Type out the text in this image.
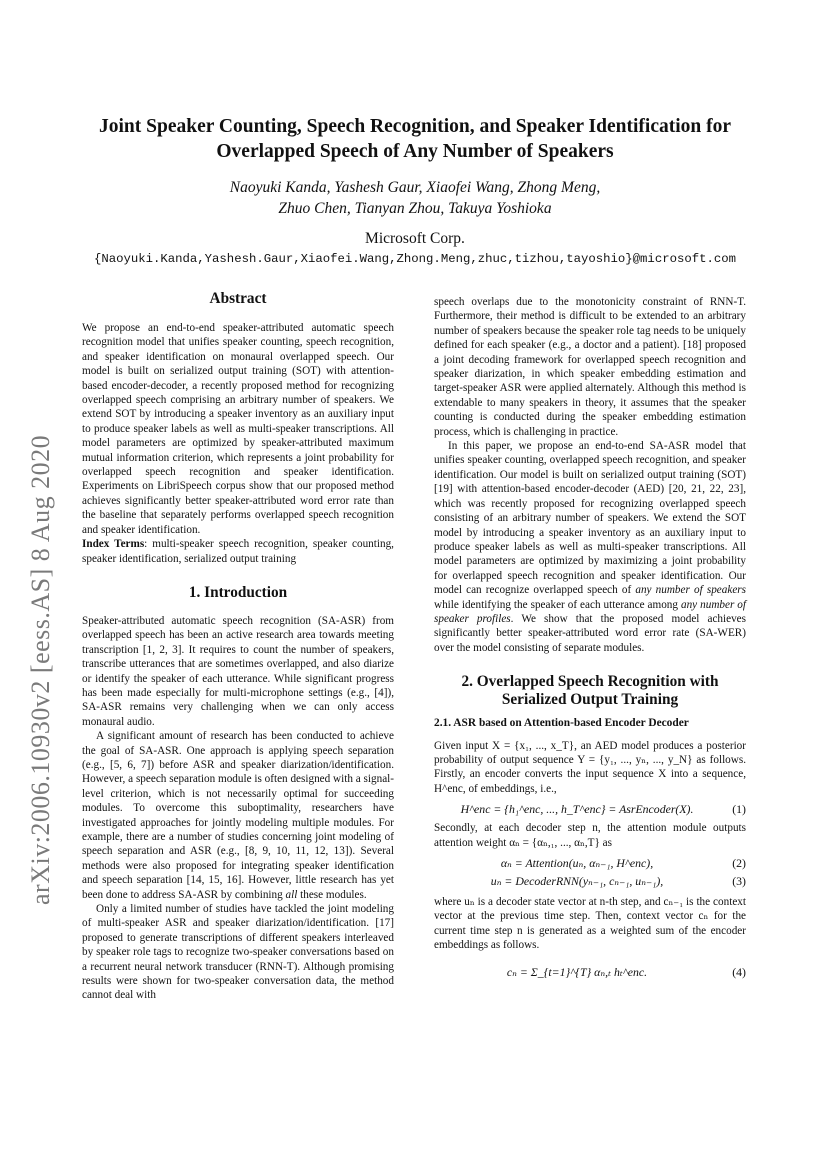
arXiv:2006.10930v2 [eess.AS] 8 Aug 2020
Joint Speaker Counting, Speech Recognition, and Speaker Identification for Overlapped Speech of Any Number of Speakers
Naoyuki Kanda, Yashesh Gaur, Xiaofei Wang, Zhong Meng,
Zhuo Chen, Tianyan Zhou, Takuya Yoshioka
Microsoft Corp.
{Naoyuki.Kanda,Yashesh.Gaur,Xiaofei.Wang,Zhong.Meng,zhuc,tizhou,tayoshio}@microsoft.com
Abstract

We propose an end-to-end speaker-attributed automatic speech recognition model that unifies speaker counting, speech recognition, and speaker identification on monaural overlapped speech. Our model is built on serialized output training (SOT) with attention-based encoder-decoder, a recently proposed method for recognizing overlapped speech comprising an arbitrary number of speakers. We extend SOT by introducing a speaker inventory as an auxiliary input to produce speaker labels as well as multi-speaker transcriptions. All model parameters are optimized by speaker-attributed maximum mutual information criterion, which represents a joint probability for overlapped speech recognition and speaker identification. Experiments on LibriSpeech corpus show that our proposed method achieves significantly better speaker-attributed word error rate than the baseline that separately performs overlapped speech recognition and speaker identification.

Index Terms: multi-speaker speech recognition, speaker counting, speaker identification, serialized output training

1. Introduction

Speaker-attributed automatic speech recognition (SA-ASR) from overlapped speech has been an active research area towards meeting transcription [1, 2, 3]. It requires to count the number of speakers, transcribe utterances that are sometimes overlapped, and also diarize or identify the speaker of each utterance. While significant progress has been made especially for multi-microphone settings (e.g., [4]), SA-ASR remains very challenging when we can only access monaural audio.

A significant amount of research has been conducted to achieve the goal of SA-ASR. One approach is applying speech separation (e.g., [5, 6, 7]) before ASR and speaker diarization/identification. However, a speech separation module is often designed with a signal-level criterion, which is not necessarily optimal for succeeding modules. To overcome this suboptimality, researchers have investigated approaches for jointly modeling multiple modules. For example, there are a number of studies concerning joint modeling of speech separation and ASR (e.g., [8, 9, 10, 11, 12, 13]). Several methods were also proposed for integrating speaker identification and speech separation [14, 15, 16]. However, little research has yet been done to address SA-ASR by combining all these modules.

Only a limited number of studies have tackled the joint modeling of multi-speaker ASR and speaker diarization/identification. [17] proposed to generate transcriptions of different speakers interleaved by speaker role tags to recognize two-speaker conversations based on a recurrent neural network transducer (RNN-T). Although promising results were shown for two-speaker conversation data, the method cannot deal with

speech overlaps due to the monotonicity constraint of RNN-T. Furthermore, their method is difficult to be extended to an arbitrary number of speakers because the speaker role tag needs to be uniquely defined for each speaker (e.g., a doctor and a patient). [18] proposed a joint decoding framework for overlapped speech recognition and speaker diarization, in which speaker embedding estimation and target-speaker ASR were applied alternately. Although this method is extendable to many speakers in theory, it assumes that the speaker counting is conducted during the speaker embedding estimation process, which is challenging in practice.

In this paper, we propose an end-to-end SA-ASR model that unifies speaker counting, overlapped speech recognition, and speaker identification. Our model is built on serialized output training (SOT) [19] with attention-based encoder-decoder (AED) [20, 21, 22, 23], which was recently proposed for recognizing overlapped speech consisting of an arbitrary number of speakers. We extend the SOT model by introducing a speaker inventory as an auxiliary input to produce speaker labels as well as multi-speaker transcriptions. All model parameters are optimized by maximizing a joint probability for overlapped speech recognition and speaker identification. Our model can recognize overlapped speech of any number of speakers while identifying the speaker of each utterance among any number of speaker profiles. We show that the proposed model achieves significantly better speaker-attributed word error rate (SA-WER) over the model consisting of separate modules.

2. Overlapped Speech Recognition with Serialized Output Training
2.1. ASR based on Attention-based Encoder Decoder

Given input X = {x₁, ..., x_T}, an AED model produces a posterior probability of output sequence Y = {y₁, ..., yₙ, ..., y_N} as follows. Firstly, an encoder converts the input sequence X into a sequence, H^enc, of embeddings, i.e.,

H^enc = {h₁^enc, ..., h_T^enc} = AsrEncoder(X).	(1)

Secondly, at each decoder step n, the attention module outputs attention weight αₙ = {αₙ,₁, ..., αₙ,T} as

αₙ = Attention(uₙ, αₙ₋₁, H^enc),	(2)
uₙ = DecoderRNN(yₙ₋₁, cₙ₋₁, uₙ₋₁),	(3)

where uₙ is a decoder state vector at n-th step, and cₙ₋₁ is the context vector at the previous time step. Then, context vector cₙ for the current time step n is generated as a weighted sum of the encoder embeddings as follows.

cₙ = Σ_{t=1}^{T} αₙ,ₜ hₜ^enc.	(4)
